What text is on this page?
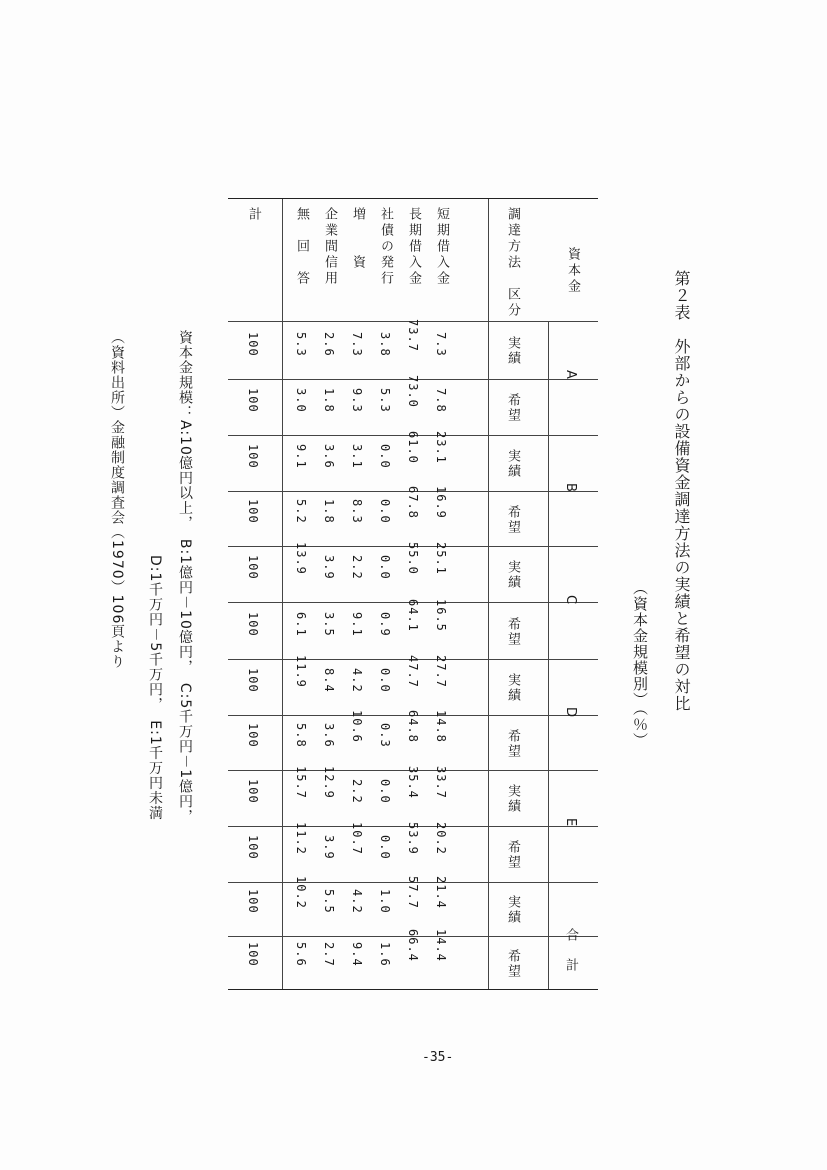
第２表　外部からの設備資金調達方法の実績と希望の対比
（資本金規模別）（％）
資本金
調達方法　区分
A
B
C
D
E
合　計
実績
希望
実績
希望
実績
希望
実績
希望
実績
希望
実績
希望
短期借入金
7.3
7.8
23.1
16.9
25.1
16.5
27.7
14.8
33.7
20.2
21.4
14.4
長期借入金
73.7
73.0
61.0
67.8
55.0
64.1
47.7
64.8
35.4
53.9
57.7
66.4
社債の発行
3.8
5.3
0.0
0.0
0.0
0.9
0.0
0.3
0.0
0.0
1.0
1.6
増　　資
7.3
9.3
3.1
8.3
2.2
9.1
4.2
10.6
2.2
10.7
4.2
9.4
企業間信用
2.6
1.8
3.6
1.8
3.9
3.5
8.4
3.6
12.9
3.9
5.5
2.7
無　回　答
5.3
3.0
9.1
5.2
13.9
6.1
11.9
5.8
15.7
11.2
10.2
5.6
計
100
100
100
100
100
100
100
100
100
100
100
100
資本金規模：A:10億円以上，　B:1億円－10億円，　C:5千万円－1億円，
D:1千万円－5千万円，　E:1千万円未満
（資料出所）金融制度調査会（1970）106頁より
-35-
